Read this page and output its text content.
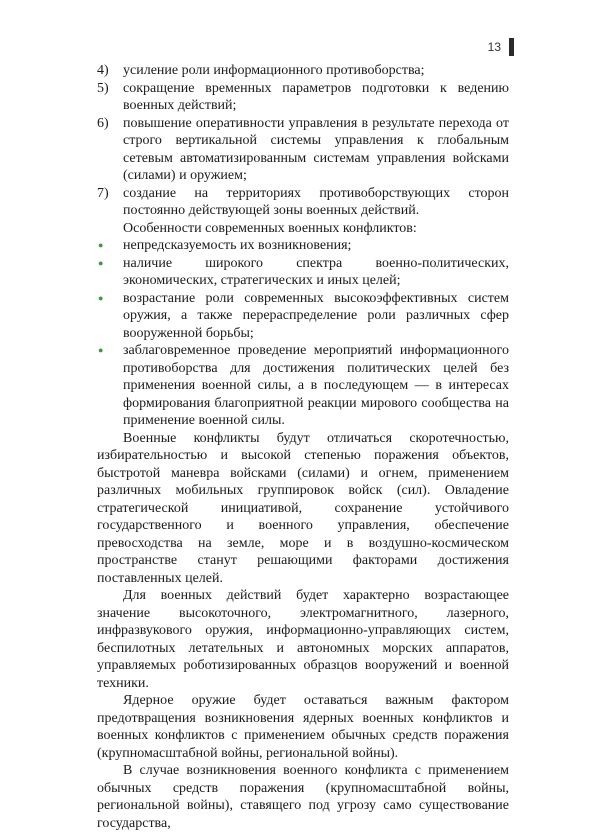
13
4)	усиление роли информационного противоборства;
5)	сокращение временных параметров подготовки к ведению военных действий;
6)	повышение оперативности управления в результате перехода от строго вертикальной системы управления к глобальным сетевым автоматизированным системам управления войсками (силами) и оружием;
7)	создание на территориях противоборствующих сторон постоянно действующей зоны военных действий.
Особенности современных военных конфликтов:
●	непредсказуемость их возникновения;
●	наличие широкого спектра военно-политических, экономических, стратегических и иных целей;
●	возрастание роли современных высокоэффективных систем оружия, а также перераспределение роли различных сфер вооруженной борьбы;
●	заблаговременное проведение мероприятий информационного противоборства для достижения политических целей без применения военной силы, а в последующем — в интересах формирования благоприятной реакции мирового сообщества на применение военной силы.

Военные конфликты будут отличаться скоротечностью, избирательностью и высокой степенью поражения объектов, быстротой маневра войсками (силами) и огнем, применением различных мобильных группировок войск (сил). Овладение стратегической инициативой, сохранение устойчивого государственного и военного управления, обеспечение превосходства на земле, море и в воздушно-космическом пространстве станут решающими факторами достижения поставленных целей.

Для военных действий будет характерно возрастающее значение высокоточного, электромагнитного, лазерного, инфразвукового оружия, информационно-управляющих систем, беспилотных летательных и автономных морских аппаратов, управляемых роботизированных образцов вооружений и военной техники.

Ядерное оружие будет оставаться важным фактором предотвращения возникновения ядерных военных конфликтов и военных конфликтов с применением обычных средств поражения (крупномасштабной войны, региональной войны).

В случае возникновения военного конфликта с применением обычных средств поражения (крупномасштабной войны, региональной войны), ставящего под угрозу само существование государства,
